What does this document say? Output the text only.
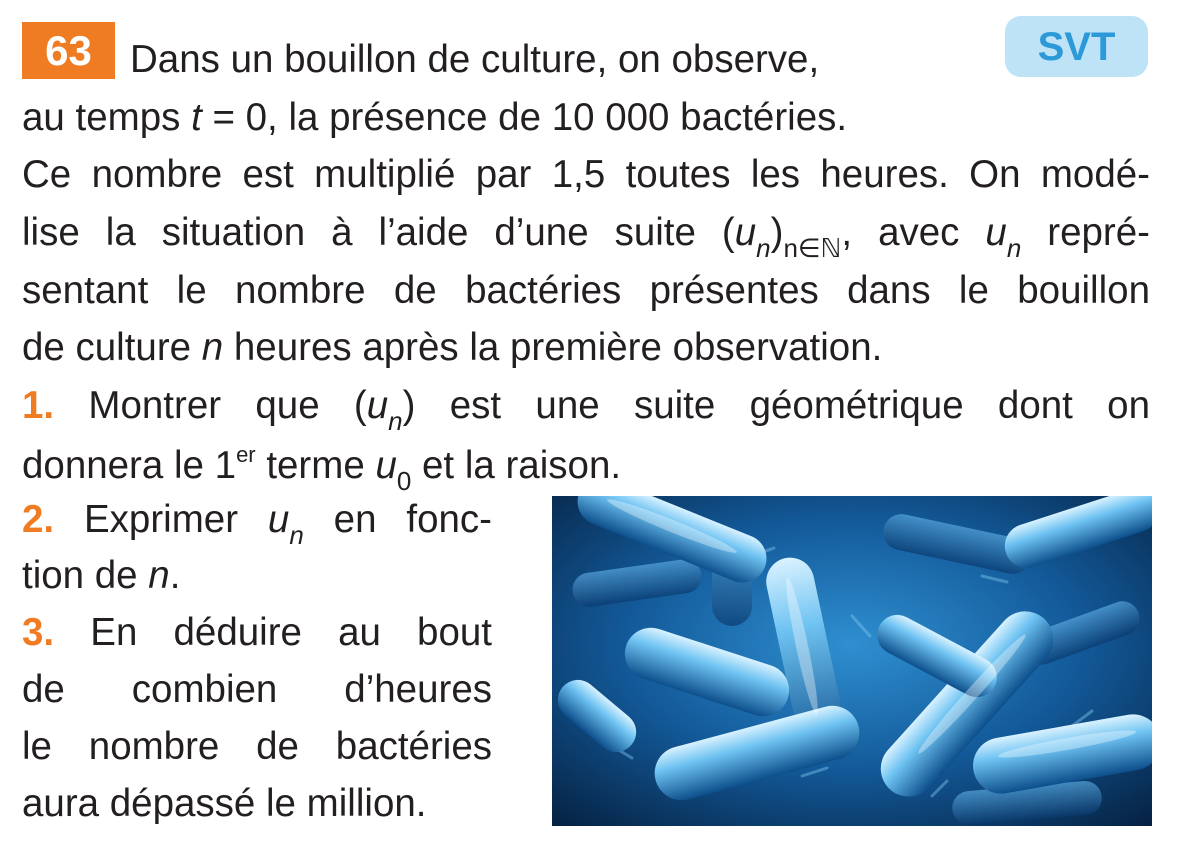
63	SVT
Dans un bouillon de culture, on observe,
au temps t = 0, la présence de 10 000 bactéries.
Ce nombre est multiplié par 1,5 toutes les heures. On modé-
lise la situation à l’aide d’une suite $(u_n)_{n\in ℕ}$, avec $u_n$ repré-
sentant le nombre de bactéries présentes dans le bouillon
de culture n heures après la première observation.
1. Montrer que $(u_n)$ est une suite géométrique dont on
donnera le 1er terme $u_0$ et la raison.
2. Exprimer $u_n$ en fonc-
tion de n.
3. En déduire au bout
de combien d’heures
le nombre de bactéries
aura dépassé le million.
